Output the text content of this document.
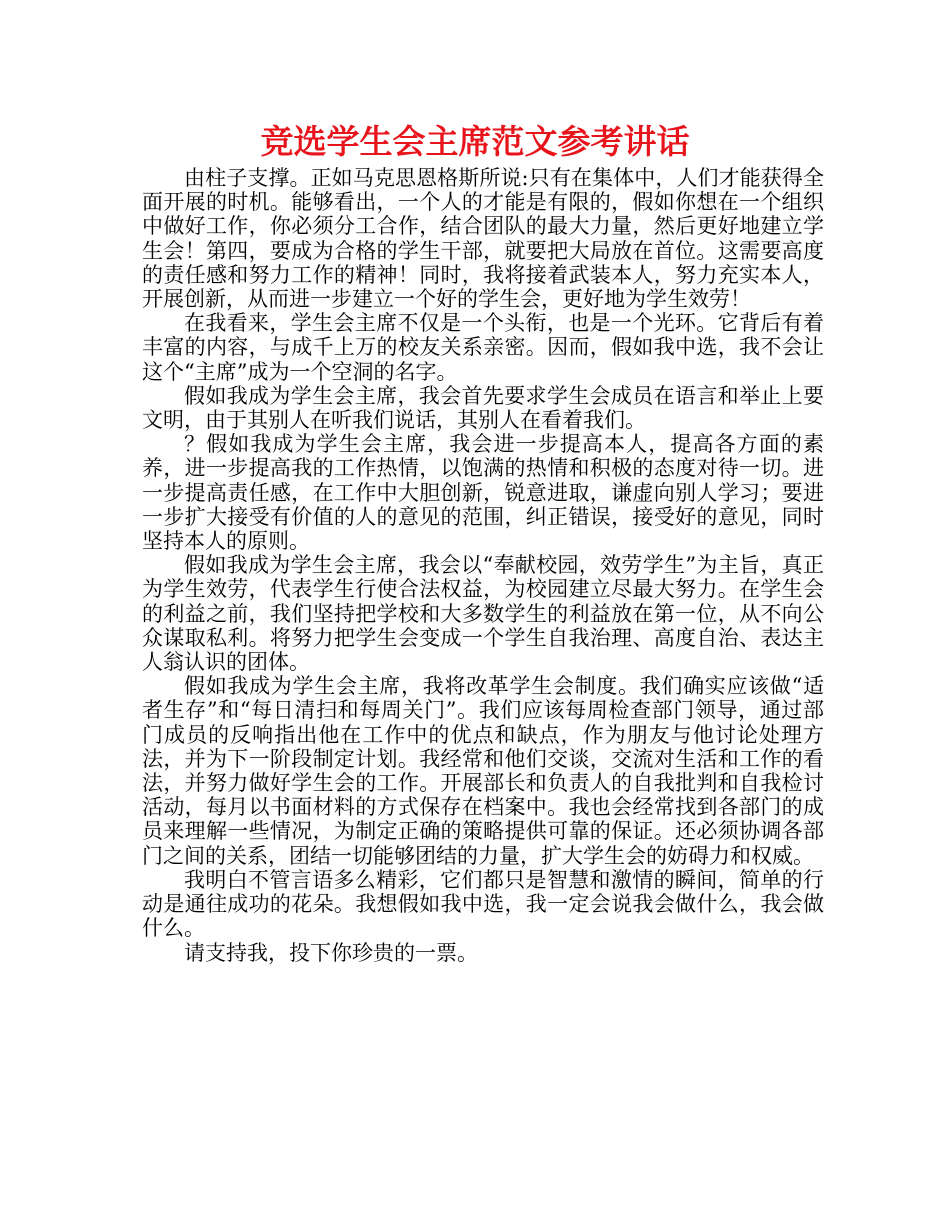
竞选学生会主席范文参考讲话

由柱子支撑。正如马克思恩格斯所说:只有在集体中，人们才能获得全面开展的时机。能够看出，一个人的才能是有限的，假如你想在一个组织中做好工作，你必须分工合作，结合团队的最大力量，然后更好地建立学生会！第四，要成为合格的学生干部，就要把大局放在首位。这需要高度的责任感和努力工作的精神！同时，我将接着武装本人，努力充实本人，开展创新，从而进一步建立一个好的学生会，更好地为学生效劳！

在我看来，学生会主席不仅是一个头衔，也是一个光环。它背后有着丰富的内容，与成千上万的校友关系亲密。因而，假如我中选，我不会让这个“主席”成为一个空洞的名字。

假如我成为学生会主席，我会首先要求学生会成员在语言和举止上要文明，由于其别人在听我们说话，其别人在看着我们。

？假如我成为学生会主席，我会进一步提高本人，提高各方面的素养，进一步提高我的工作热情，以饱满的热情和积极的态度对待一切。进一步提高责任感，在工作中大胆创新，锐意进取，谦虚向别人学习；要进一步扩大接受有价值的人的意见的范围，纠正错误，接受好的意见，同时坚持本人的原则。

假如我成为学生会主席，我会以“奉献校园，效劳学生”为主旨，真正为学生效劳，代表学生行使合法权益，为校园建立尽最大努力。在学生会的利益之前，我们坚持把学校和大多数学生的利益放在第一位，从不向公众谋取私利。将努力把学生会变成一个学生自我治理、高度自治、表达主人翁认识的团体。

假如我成为学生会主席，我将改革学生会制度。我们确实应该做“适者生存”和“每日清扫和每周关门”。我们应该每周检查部门领导，通过部门成员的反响指出他在工作中的优点和缺点，作为朋友与他讨论处理方法，并为下一阶段制定计划。我经常和他们交谈，交流对生活和工作的看法，并努力做好学生会的工作。开展部长和负责人的自我批判和自我检讨活动，每月以书面材料的方式保存在档案中。我也会经常找到各部门的成员来理解一些情况，为制定正确的策略提供可靠的保证。还必须协调各部门之间的关系，团结一切能够团结的力量，扩大学生会的妨碍力和权威。

我明白不管言语多么精彩，它们都只是智慧和激情的瞬间，简单的行动是通往成功的花朵。我想假如我中选，我一定会说我会做什么，我会做什么。

请支持我，投下你珍贵的一票。
